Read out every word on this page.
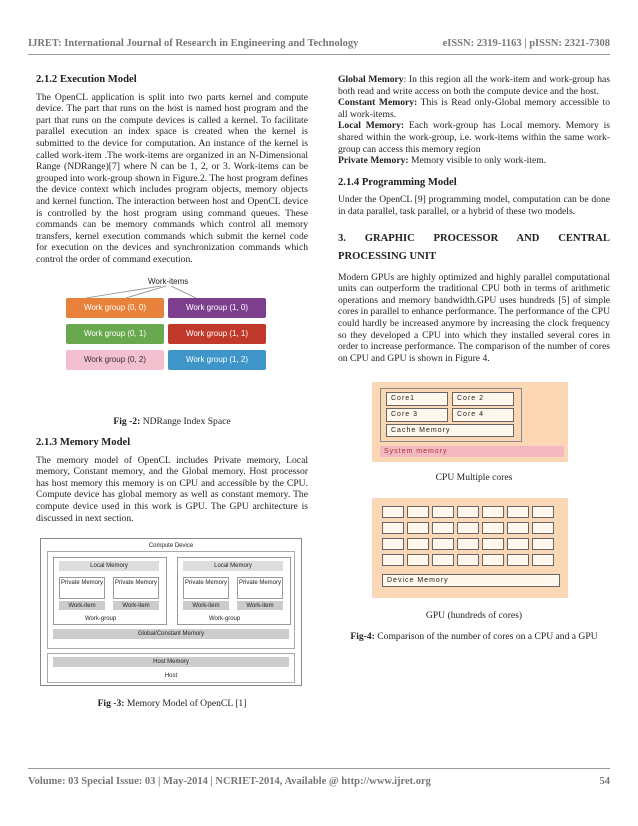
IJRET: International Journal of Research in Engineering and Technology	eISSN: 2319-1163 | pISSN: 2321-7308
2.1.2 Execution Model

The OpenCL application is split into two parts kernel and compute device. The part that runs on the host is named host program and the part that runs on the compute devices is called a kernel. To facilitate parallel execution an index space is created when the kernel is submitted to the device for computation. An instance of the kernel is called work-item .The work-items are organized in an N-Dimensional Range (NDRange)[7] where N can be 1, 2, or 3. Work-items can be grouped into work-group shown in Figure.2. The host program defines the device context which includes program objects, memory objects and kernel function. The interaction between host and OpenCL device is controlled by the host program using command queues. These commands can be memory commands which control all memory transfers, kernel execution commands which submit the kernel code for execution on the devices and synchronization commands which control the order of command execution.

Work-items
Work group (0, 0)	Work group (1, 0)
Work group (0, 1)	Work group (1, 1)
Work group (0, 2)	Work group (1, 2)
Fig -2: NDRange Index Space
2.1.3 Memory Model

The memory model of OpenCL includes Private memory, Local memory, Constant memory, and the Global memory. Host processor has host memory this memory is on CPU and accessible by the CPU. Compute device has global memory as well as constant memory. The compute device used in this work is GPU. The GPU architecture is discussed in next section.

Compute Device
Local Memory
Private Memory	Private Memory
Work-item	Work-item
Work-group
Local Memory
Private Memory	Private Memory
Work-item	Work-item
Work-group
Global/Constant Memory
Host Memory
Host
Fig -3: Memory Model of OpenCL [1]

Global Memory: In this region all the work-item and work-group has both read and write access on both the compute device and the host.

Constant Memory: This is Read only-Global memory accessible to all work-items.

Local Memory: Each work-group has Local memory. Memory is shared within the work-group, i.e. work-items within the same work-group can access this memory region

Private Memory: Memory visible to only work-item.

2.1.4 Programming Model

Under the OpenCL [9] programming model, computation can be done in data parallel, task parallel, or a hybrid of these two models.

3. GRAPHIC PROCESSOR AND CENTRAL
PROCESSING UNIT

Modern GPUs are highly optimized and highly parallel computational units can outperform the traditional CPU both in terms of arithmetic operations and memory bandwidth.GPU uses hundreds [5] of simple cores in parallel to enhance performance. The performance of the CPU could hardly be increased anymore by increasing the clock frequency so they developed a CPU into which they installed several cores in order to increase performance. The comparison of the number of cores on CPU and GPU is shown in Figure 4.

Core1	Core 2
Core 3	Core 4
Cache Memory
System memory
CPU Multiple cores
Device Memory
GPU (hundreds of cores)
Fig-4: Comparison of the number of cores on a CPU and a GPU
Volume: 03 Special Issue: 03 | May-2014 | NCRIET-2014, Available @ http://www.ijret.org	54
